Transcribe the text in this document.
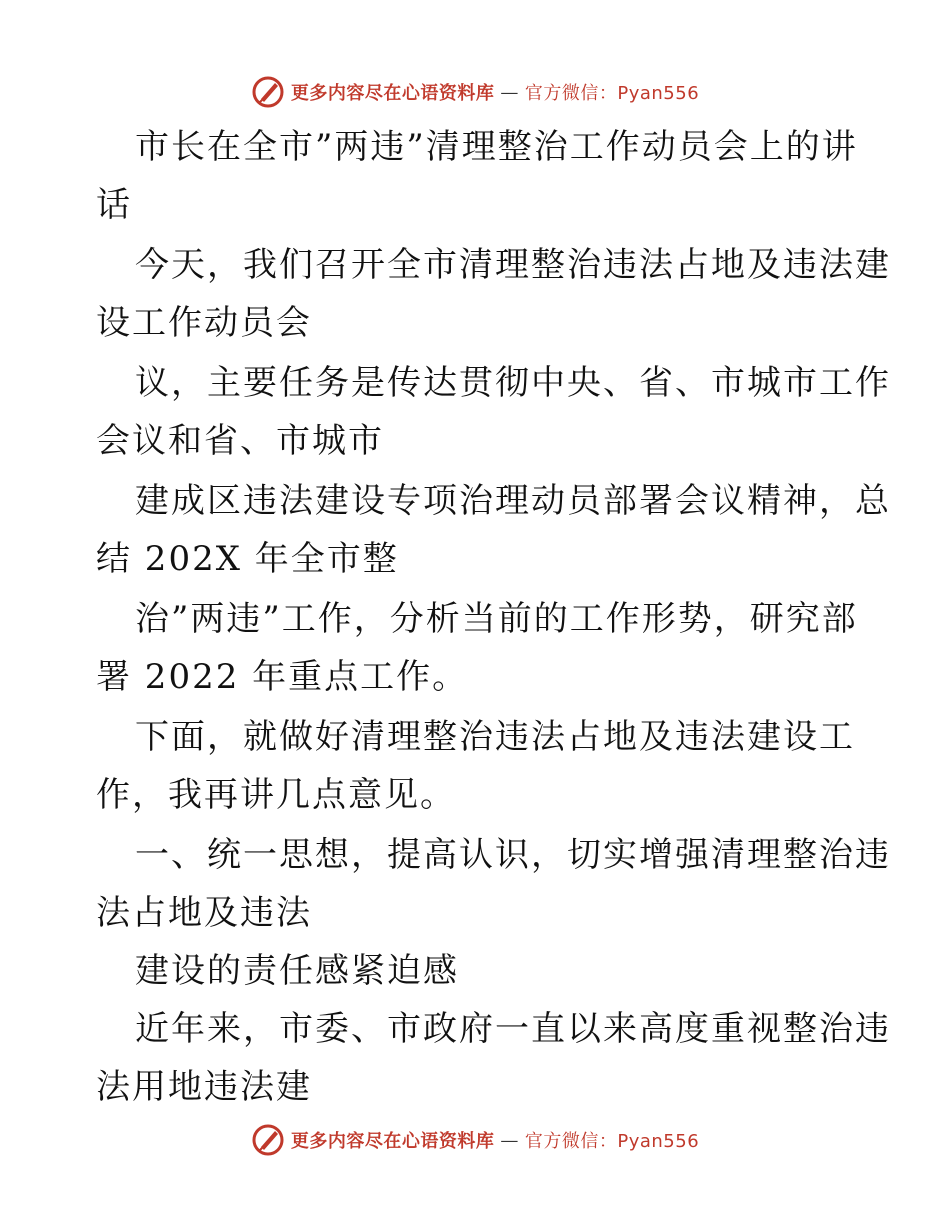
更多内容尽在心语资料库 — 官方微信：Pyan556
市长在全市”两违”清理整治工作动员会上的讲
话
今天，我们召开全市清理整治违法占地及违法建
设工作动员会
议，主要任务是传达贯彻中央、省、市城市工作
会议和省、市城市
建成区违法建设专项治理动员部署会议精神，总
结 202X 年全市整
治”两违”工作，分析当前的工作形势，研究部
署 2022 年重点工作。
下面，就做好清理整治违法占地及违法建设工
作，我再讲几点意见。
一、统一思想，提高认识，切实增强清理整治违
法占地及违法
建设的责任感紧迫感
近年来，市委、市政府一直以来高度重视整治违
法用地违法建
更多内容尽在心语资料库 — 官方微信：Pyan556
